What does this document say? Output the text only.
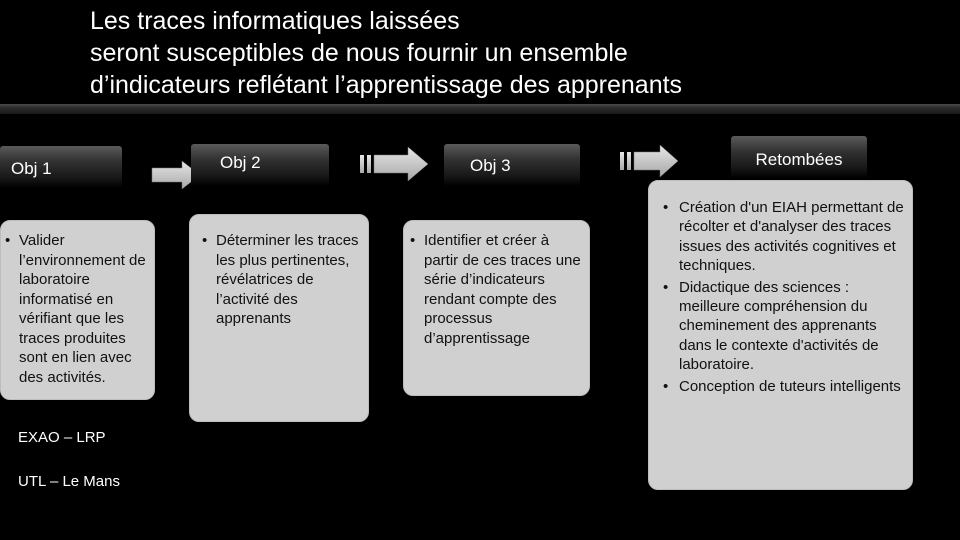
Les traces informatiques laissées
seront susceptibles de nous fournir un ensemble
d’indicateurs reflétant l’apprentissage des apprenants
Obj 1
• Valider l’environnement de laboratoire informatisé en vérifiant que les traces produites sont en lien avec des activités.
Obj 2
• Déterminer les traces les plus pertinentes, révélatrices de l’activité des apprenants
Obj 3
• Identifier et créer à partir de ces traces une série d’indicateurs rendant compte des processus d’apprentissage
Retombées
• Création d'un EIAH permettant de récolter et d'analyser des traces issues des activités cognitives et techniques.
• Didactique des sciences : meilleure compréhension du cheminement des apprenants dans le contexte d'activités de laboratoire.
• Conception de tuteurs intelligents
EXAO – LRP
UTL – Le Mans
